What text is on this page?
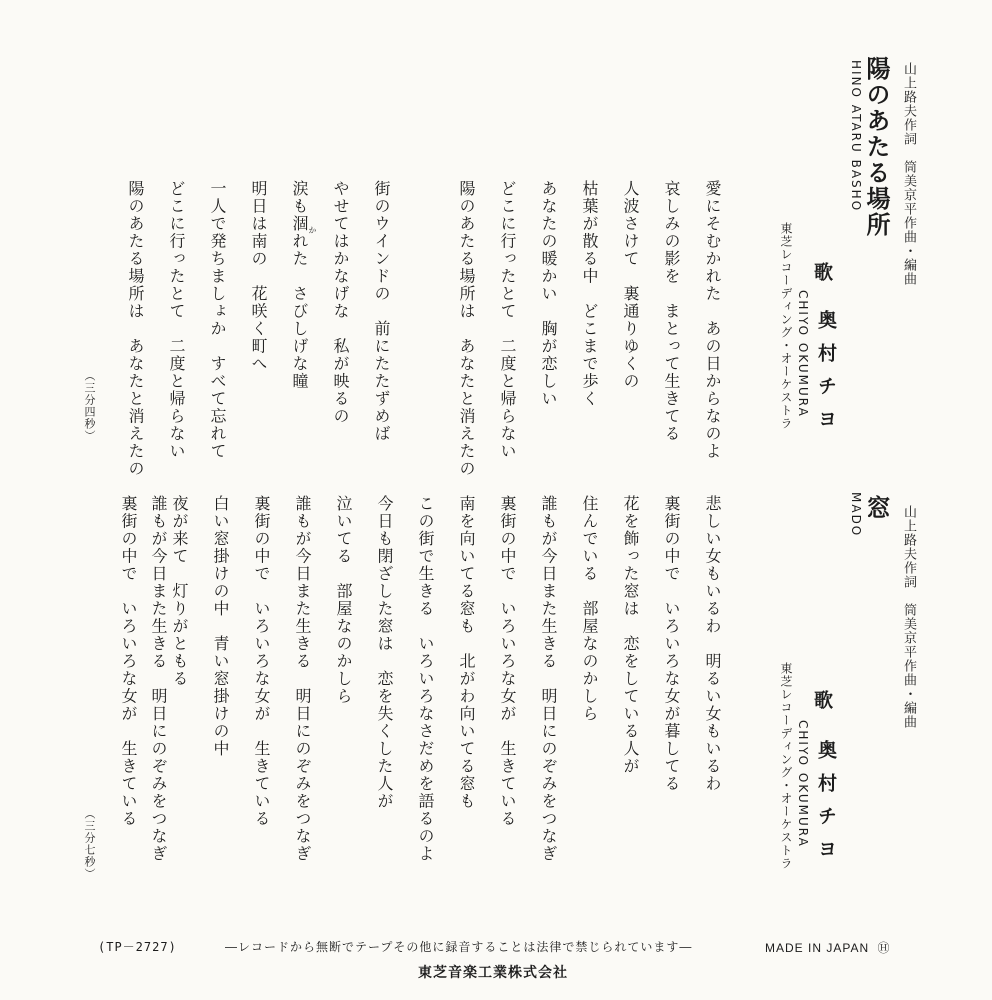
山上路夫作詞　筒美京平作曲・編曲
陽のあたる場所
HINO ATARU BASHO
東芝レコーディング・オーケストラ 歌
奥村チヨ
CHIYO OKUMURA
愛にそむかれた　あの日からなのよ
哀しみの影を　まとって生きてる
人波さけて　裏通りゆくの
枯葉が散る中　どこまで歩く
あなたの暖かい　胸が恋しい
どこに行ったとて　二度と帰らない
陽のあたる場所は　あなたと消えたの
街のウインドの　前にたたずめば
やせてはかなげな　私が映るの
涙も涸れた　さびしげな瞳 か
明日は南の　花咲く町へ
一人で発ちましょか　すべて忘れて
どこに行ったとて　二度と帰らない
陽のあたる場所は　あなたと消えたの
（三分四秒）
山上路夫作詞　筒美京平作曲・編曲
窓
MADO
東芝レコーディング・オーケストラ 歌
奥村チヨ
CHIYO OKUMURA
悲しい女もいるわ　明るい女もいるわ
裏街の中で　いろいろな女が暮してる
花を飾った窓は　恋をしている人が
住んでいる　部屋なのかしら
誰もが今日また生きる　明日にのぞみをつなぎ
裏街の中で　いろいろな女が　生きている
南を向いてる窓も　北がわ向いてる窓も
この街で生きる　いろいろなさだめを語るのよ
今日も閉ざした窓は　恋を失くした人が
泣いてる　部屋なのかしら
誰もが今日また生きる　明日にのぞみをつなぎ
裏街の中で　いろいろな女が　生きている
白い窓掛けの中　青い窓掛けの中
夜が来て　灯りがともる
誰もが今日また生きる　明日にのぞみをつなぎ
裏街の中で　いろいろな女が　生きている
（三分七秒）
(TP－2727)	―レコードから無断でテープその他に録音することは法律で禁じられています―
東芝音楽工業株式会社
MADE IN JAPAN Ⓗ
